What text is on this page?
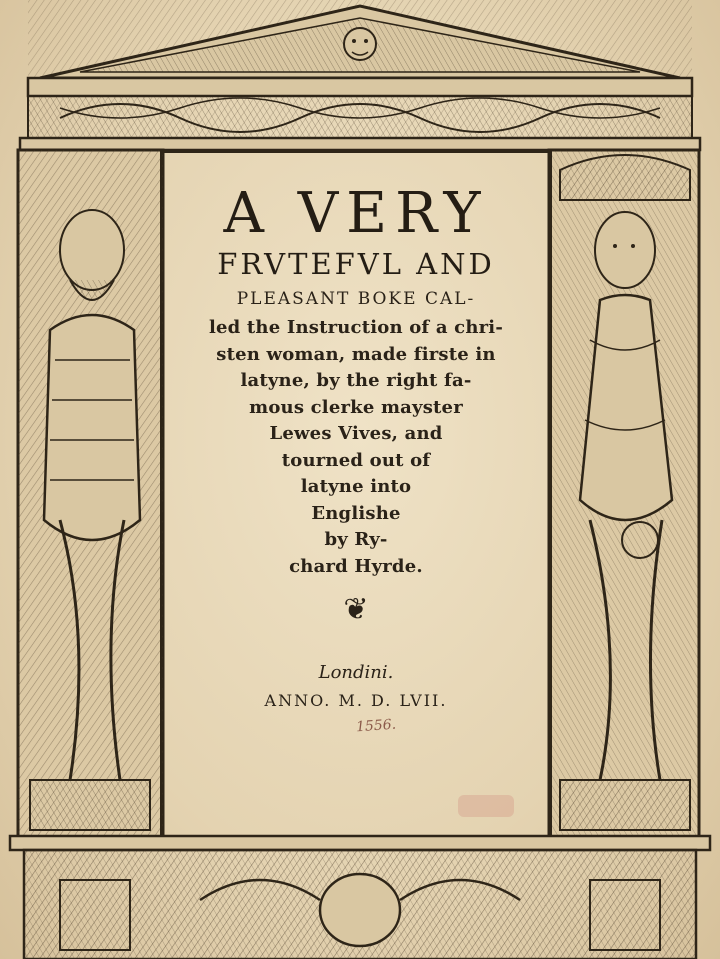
A VERY
FRVTEFVL AND
PLEASANT BOKE CAL-
led the Instruction of a chri-
sten woman, made firste in
latyne, by the right fa-
mous clerke mayster
Lewes Vives, and
tourned out of
latyne into
Englishe
by Ry-
chard Hyrde.
❦
Londini.
ANNO. M. D. LVII.
1556.
